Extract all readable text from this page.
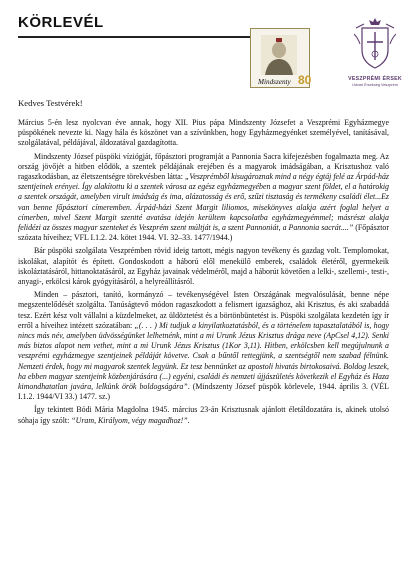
KÖRLEVÉL
Mindszenty 80	VESZPRÉMI ÉRSEK
Udvari Érsekség Veszprém
Kedves Testvérek!

Március 5-én lesz nyolcvan éve annak, hogy XII. Pius pápa Mindszenty Józsefet a Veszprémi Egyházmegye püspökének nevezte ki. Nagy hála és köszönet van a szívünkben, hogy Egyházmegyénket személyével, tanításával, szolgálatával, példájával, áldozatával gazdagította.

Mindszenty József püspöki víziógját, főpásztori programját a Pannonia Sacra kifejezésben fogalmazta meg. Az ország jövőjét a hitben elődök, a szentek példájának erejében és a magyarok imádságában, a Krisztushoz való ragaszkodásban, az életszentségre törekvésben látta: „Veszprémből kisugároznak mind a négy égtáj felé az Árpád-ház szentjeinek erényei. Így alakítottu ki a szentek városa az egész egyházmegyében a magyar szent földet, el a határokig a szentek országát, amelyben virult imádság és ima, alázatosság és erő, szűzi tisztaság és termékeny családi élet...Ez van benne főpásztori címeremben. Árpád-házi Szent Margit liliomos, misekönyves alakja azért foglal helyet a címerben, mivel Szent Margit szentté avatása idején kerültem kapcsolatba egyházmegyémmel; másrészt alakja felidézi az összes magyar szenteket és Veszprém szent múltját is, a szent Pannoniát, a Pannonia sacrát....” (Főpásztor szózata híveihez; VFL I.1.2. 24. kötet 1944. VI. 32–33. 1477/1944.)

Bár püspöki szolgálata Veszprémben rövid ideig tartott, mégis nagyon tevékeny és gazdag volt. Templomokat, iskolákat, alapítót és épített. Gondoskodott a háború elől menekülő emberek, családok életéről, gyermekeik iskoláztatásáról, hittanoktatásáról, az Egyház javainak védelméről, majd a háborút követően a lelki-, szellemi-, testi-, anyagi-, erkölcsi károk gyógyításáról, a helyreállításról.

Minden – pásztori, tanító, kormányzó – tevékenységével Isten Országának megvalósulását, benne népe megszentelődését szolgálta. Tanúságtevő módon ragaszkodott a felismert igazsághoz, aki Krisztus, és aki szabaddá tesz. Ezért kész volt vállalni a küzdelmeket, az üldöztetést és a börtönbüntetést is. Püspöki szolgálata kezdetén így ír erről a híveihez intézett szózatában: „(. . . ) Mi tudjuk a kinyilatkoztatásból, és a történelem tapasztalatából is, hogy nincs más név, amelyben üdvösségünket lelhetnénk, mint a mi Urunk Jézus Krisztus drága neve (ApCsel 4,12). Senki más biztos alapot nem vethet, mint a mi Urunk Jézus Krisztus (1Kor 3,11). Hitben, erkölcsben kell megújulnunk a veszprémi egyházmegye szentjeinek példáját követve. Csak a bűntől rettegjünk, a szentségtől nem szabad félnünk. Nemzeti érdek, hogy mi magyarok szentek legyünk. Ez tesz bennünket az apostoli hivatás birtokosaivá. Boldog leszek, ha ebben magyar szentjeink közbenjárására (...) egyéni, családi és nemzeti újjászületés következik el Egyház és Haza kimondhatatlan javára, lelkünk örök boldogságára”. (Mindszenty József püspök körlevele, 1944. április 3. (VÉL I.1.2. 1944/VI 33.) 1477. sz.)

Így tekintett Bódi Mária Magdolna 1945. március 23-án Krisztusnak ajánlott életáldozatára is, akinek utolsó sóhaja így szólt: “Uram, Királyom, végy magadhoz!”.
